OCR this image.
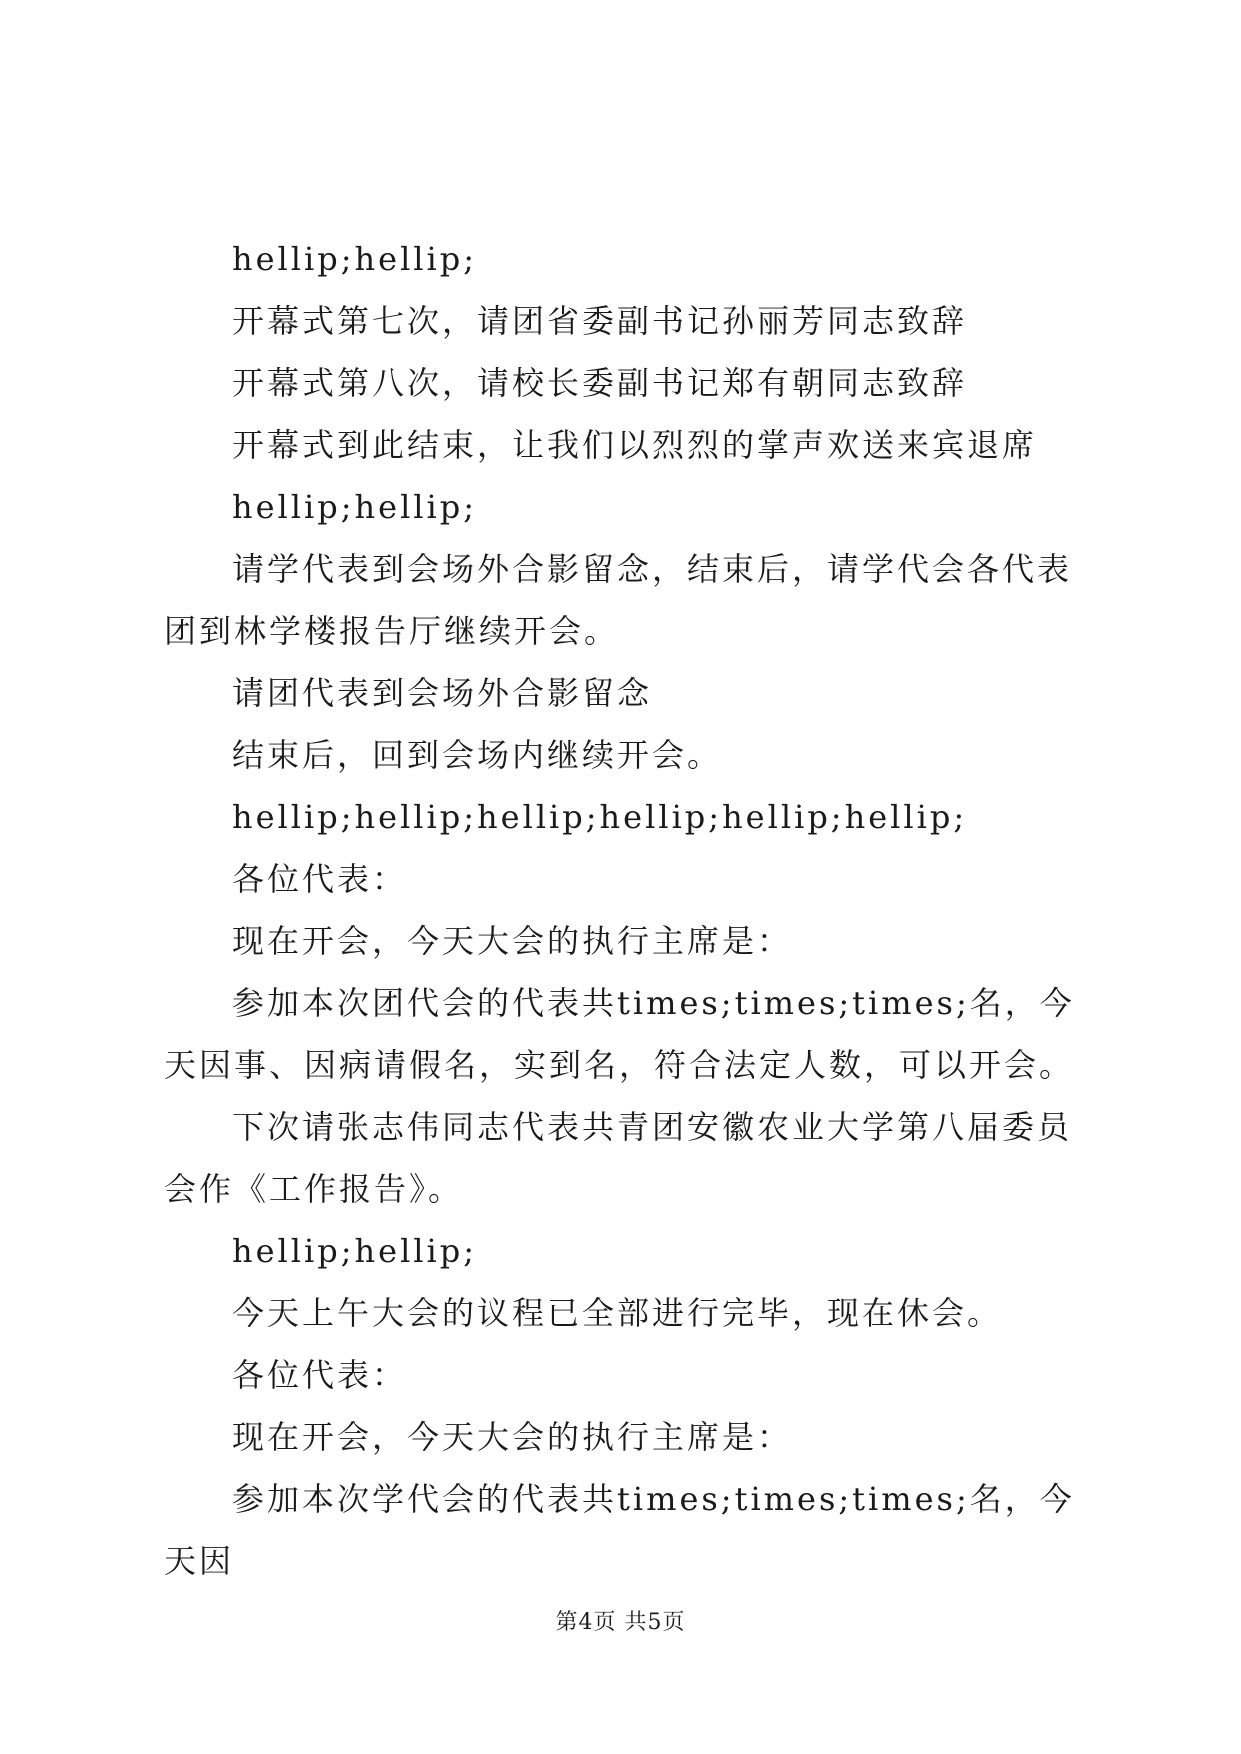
hellip;hellip;

开幕式第七次，请团省委副书记孙丽芳同志致辞

开幕式第八次，请校长委副书记郑有朝同志致辞

开幕式到此结束，让我们以烈烈的掌声欢送来宾退席

hellip;hellip;

请学代表到会场外合影留念，结束后，请学代会各代表团到林学楼报告厅继续开会。

请团代表到会场外合影留念

结束后，回到会场内继续开会。

hellip;hellip;hellip;hellip;hellip;hellip;

各位代表：

现在开会，今天大会的执行主席是：

参加本次团代会的代表共times;times;times;名，今天因事、因病请假名，实到名，符合法定人数，可以开会。

下次请张志伟同志代表共青团安徽农业大学第八届委员会作《工作报告》。

hellip;hellip;

今天上午大会的议程已全部进行完毕，现在休会。

各位代表：

现在开会，今天大会的执行主席是：

参加本次学代会的代表共times;times;times;名，今天因

第4页 共5页
